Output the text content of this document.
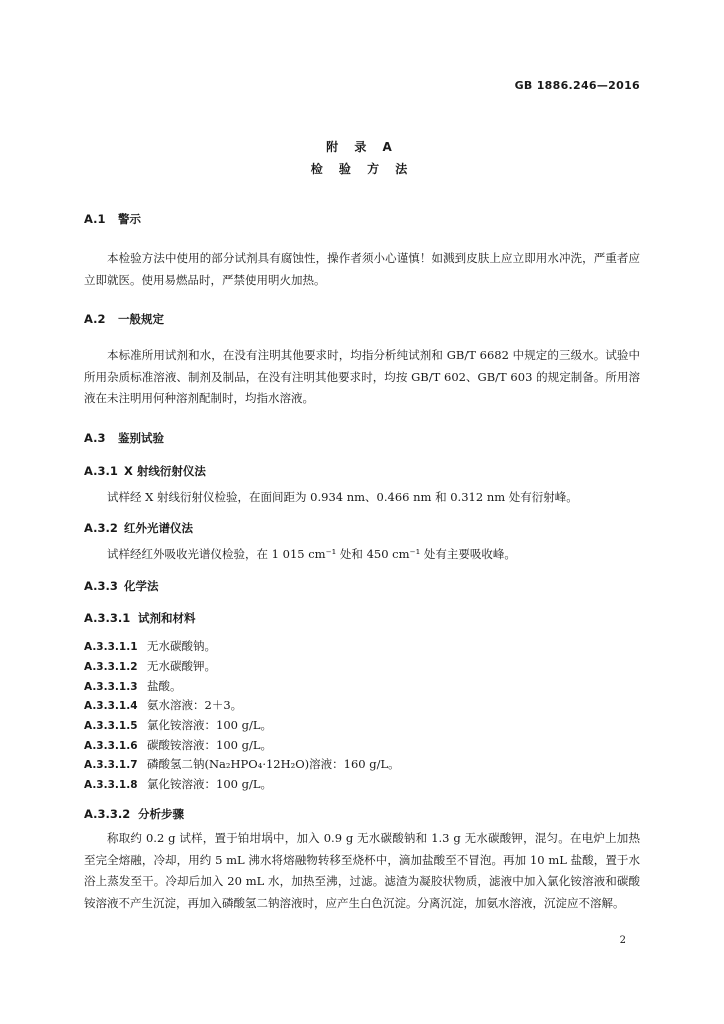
GB 1886.246—2016
附 录 A
检 验 方 法
A.1 警示
本检验方法中使用的部分试剂具有腐蚀性，操作者须小心谨慎！如溅到皮肤上应立即用水冲洗，严重者应立即就医。使用易燃品时，严禁使用明火加热。
A.2 一般规定
本标准所用试剂和水，在没有注明其他要求时，均指分析纯试剂和 GB/T 6682 中规定的三级水。试验中所用杂质标准溶液、制剂及制品，在没有注明其他要求时，均按 GB/T 602、GB/T 603 的规定制备。所用溶液在未注明用何种溶剂配制时，均指水溶液。
A.3 鉴别试验
A.3.1 X 射线衍射仪法
试样经 X 射线衍射仪检验，在面间距为 0.934 nm、0.466 nm 和 0.312 nm 处有衍射峰。
A.3.2 红外光谱仪法
试样经红外吸收光谱仪检验，在 1 015 cm⁻¹ 处和 450 cm⁻¹ 处有主要吸收峰。
A.3.3 化学法
A.3.3.1 试剂和材料
A.3.3.1.1 无水碳酸钠。
A.3.3.1.2 无水碳酸钾。
A.3.3.1.3 盐酸。
A.3.3.1.4 氨水溶液：2＋3。
A.3.3.1.5 氯化铵溶液：100 g/L。
A.3.3.1.6 碳酸铵溶液：100 g/L。
A.3.3.1.7 磷酸氢二钠(Na₂HPO₄·12H₂O)溶液：160 g/L。
A.3.3.1.8 氯化铵溶液：100 g/L。
A.3.3.2 分析步骤
称取约 0.2 g 试样，置于铂坩埚中，加入 0.9 g 无水碳酸钠和 1.3 g 无水碳酸钾，混匀。在电炉上加热至完全熔融，冷却，用约 5 mL 沸水将熔融物转移至烧杯中，滴加盐酸至不冒泡。再加 10 mL 盐酸，置于水浴上蒸发至干。冷却后加入 20 mL 水，加热至沸，过滤。滤渣为凝胶状物质，滤液中加入氯化铵溶液和碳酸铵溶液不产生沉淀，再加入磷酸氢二钠溶液时，应产生白色沉淀。分离沉淀，加氨水溶液，沉淀应不溶解。
2
